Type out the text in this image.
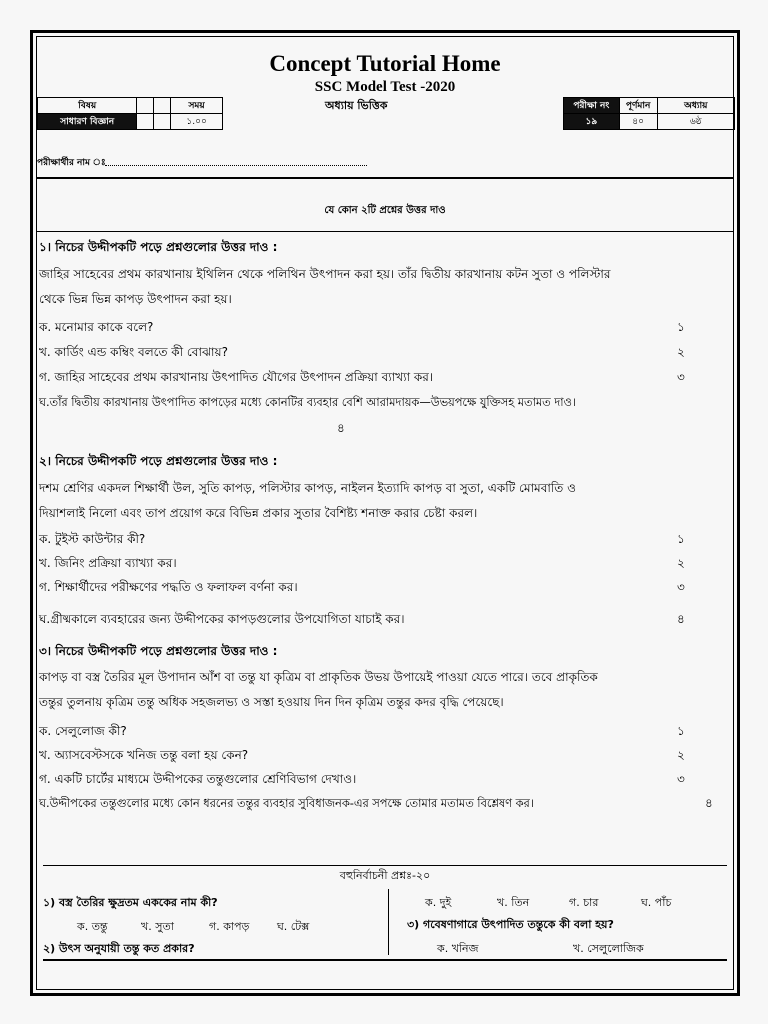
Concept Tutorial Home
SSC Model Test -2020
অধ্যায় ভিত্তিক
বিষয়			সময়
সাধারণ বিজ্ঞান			১.০০
পরীক্ষা নং	পূর্ণমান	অধ্যায়
১৯	৪০	৬ষ্ঠ
পরীক্ষার্থীর নাম ঃ
যে কোন ২টি প্রশ্নের উত্তর দাও
১। নিচের উদ্দীপকটি পড়ে প্রশ্নগুলোর উত্তর দাও :
জাহির সাহেবের প্রথম কারখানায় ইথিলিন থেকে পলিথিন উৎপাদন করা হয়। তাঁর দ্বিতীয় কারখানায় কটন সুতা ও পলিস্টার
থেকে ভিন্ন ভিন্ন কাপড় উৎপাদন করা হয়।
ক. মনোমার কাকে বলে?	১
খ. কার্ডিং এন্ড কম্বিং বলতে কী বোঝায়?	২
গ. জাহির সাহেবের প্রথম কারখানায় উৎপাদিত যৌগের উৎপাদন প্রক্রিয়া ব্যাখ্যা কর।	৩
ঘ.তাঁর দ্বিতীয় কারখানায় উৎপাদিত কাপড়ের মধ্যে কোনটির ব্যবহার বেশি আরামদায়ক—উভয়পক্ষে যুক্তিসহ মতামত দাও।
৪
২। নিচের উদ্দীপকটি পড়ে প্রশ্নগুলোর উত্তর দাও :
দশম শ্রেণির একদল শিক্ষার্থী উল, সুতি কাপড়, পলিস্টার কাপড়, নাইলন ইত্যাদি কাপড় বা সুতা, একটি মোমবাতি ও
দিয়াশলাই নিলো এবং তাপ প্রয়োগ করে বিভিন্ন প্রকার সুতার বৈশিষ্ট্য শনাক্ত করার চেষ্টা করল।
ক. টুইস্ট কাউন্টার কী?	১
খ. জিনিং প্রক্রিয়া ব্যাখ্যা কর।	২
গ. শিক্ষার্থীদের পরীক্ষণের পদ্ধতি ও ফলাফল বর্ণনা কর।	৩
ঘ.গ্রীষ্মকালে ব্যবহারের জন্য উদ্দীপকের কাপড়গুলোর উপযোগিতা যাচাই কর।	৪
৩। নিচের উদ্দীপকটি পড়ে প্রশ্নগুলোর উত্তর দাও :
কাপড় বা বস্ত্র তৈরির মূল উপাদান আঁশ বা তন্তু যা কৃত্রিম বা প্রাকৃতিক উভয় উপায়েই পাওয়া যেতে পারে। তবে প্রাকৃতিক
তন্তুর তুলনায় কৃত্রিম তন্তু অধিক সহজলভ্য ও সস্তা হওয়ায় দিন দিন কৃত্রিম তন্তুর কদর বৃদ্ধি পেয়েছে।
ক. সেলুলোজ কী?	১
খ. অ্যাসবেস্টসকে খনিজ তন্তু বলা হয় কেন?	২
গ. একটি চার্টের মাধ্যমে উদ্দীপকের তন্তুগুলোর শ্রেণিবিভাগ দেখাও।	৩
ঘ.উদ্দীপকের তন্তুগুলোর মধ্যে কোন ধরনের তন্তুর ব্যবহার সুবিধাজনক-এর সপক্ষে তোমার মতামত বিশ্লেষণ কর।	৪
বহুনির্বাচনী প্রশ্নঃ-২০
১) বস্ত্র তৈরির ক্ষুদ্রতম এককের নাম কী?
ক. তন্তু	খ. সুতা	গ. কাপড়	ঘ. টেক্স
২) উৎস অনুযায়ী তন্তু কত প্রকার?
ক. দুই	খ. তিন	গ. চার	ঘ. পাঁচ
৩) গবেষণাগারে উৎপাদিত তন্তুকে কী বলা হয়?
ক. খনিজ	খ. সেলুলোজিক
